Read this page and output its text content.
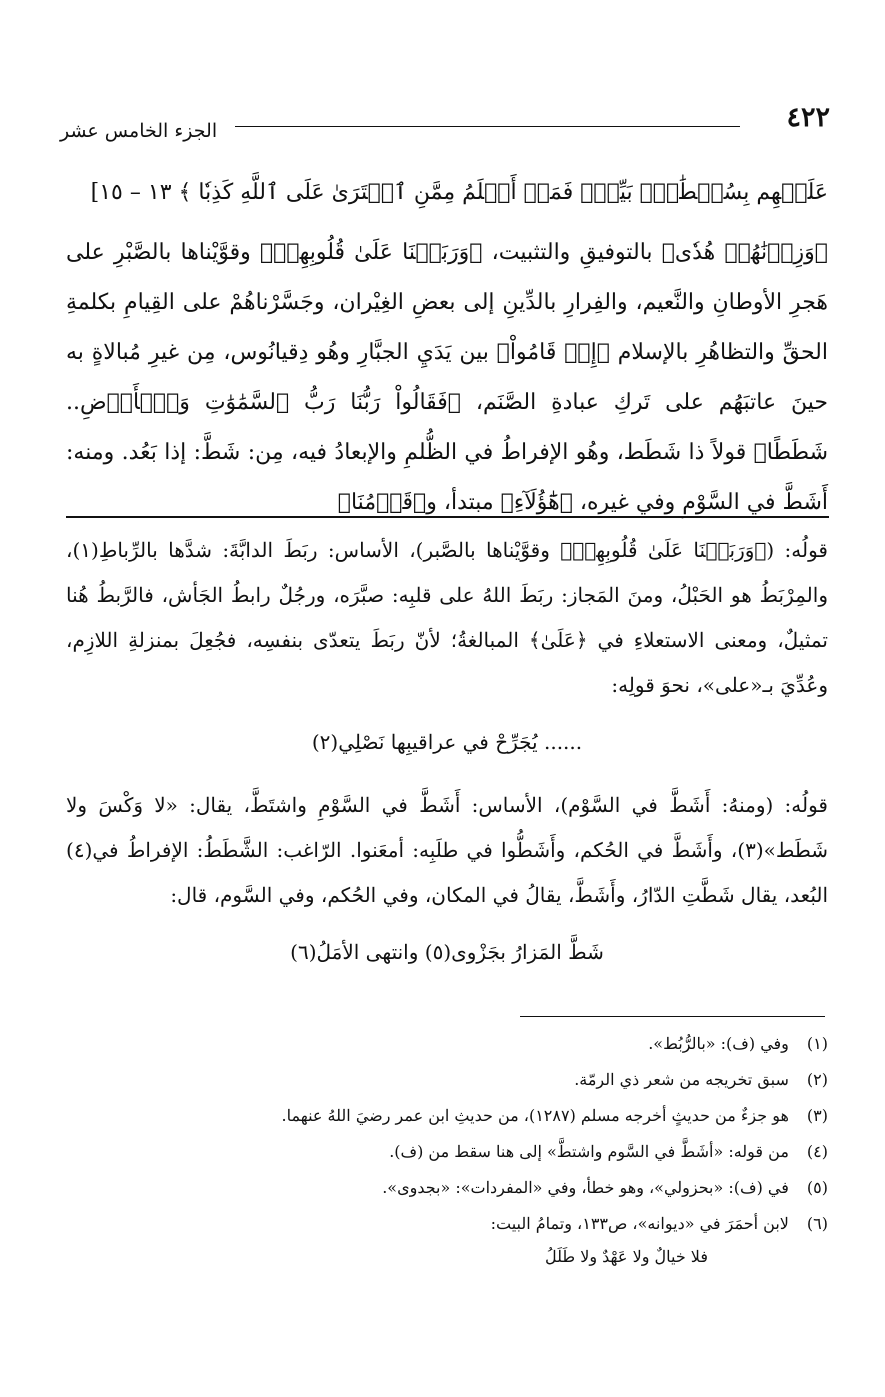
٤٢٢
الجزء الخامس عشر

عَلَيۡهِم بِسُلۡطَٰنِۭ بَيِّنٖۖ فَمَنۡ أَظۡلَمُ مِمَّنِ ٱفۡتَرَىٰ عَلَى ٱللَّهِ كَذِبٗا ﴾ ١٣ – ١٥]

﴿وَزِدۡنَٰهُمۡ هُدٗى﴾ بالتوفيقِ والتثبيت، ﴿وَرَبَطۡنَا عَلَىٰ قُلُوبِهِمۡ﴾ وقوَّيْناها بالصَّبْرِ على هَجرِ الأوطانِ والنَّعيم، والفِرارِ بالدِّينِ إلى بعضِ الغِيْران، وجَسَّرْناهُمْ على القِيامِ بكلمةِ الحقِّ والتظاهُرِ بالإسلام ﴿إِذۡ قَامُواْ﴾ بين يَدَيِ الجبَّارِ وهُو دِقيانُوس، مِن غيرِ مُبالاةٍ به حينَ عاتبَهُم على تَركِ عبادةِ الصَّنَم، ﴿فَقَالُواْ رَبُّنَا رَبُّ ٱلسَّمَٰوَٰتِ وَٱلۡأَرۡضِ.. شَطَطًا﴾ قولاً ذا شَطَط، وهُو الإفراطُ في الظُّلمِ والإبعادُ فيه، مِن: شَطَّ: إذا بَعُد. ومنه: أَشَطَّ في السَّوْمِ وفي غيره، ﴿هَٰٓؤُلَآءِ﴾ مبتدأ، و﴿قَوۡمُنَا﴾

قولُه: (﴿وَرَبَطۡنَا عَلَىٰ قُلُوبِهِمۡ﴾ وقوَّيْناها بالصَّبر)، الأساس: ربَطَ الدابَّةَ: شدَّها بالرِّباطِ(١)، والمِرْبَطُ هو الحَبْلُ، ومنَ المَجاز: ربَطَ اللهُ على قلبِه: صبَّرَه، ورجُلٌ رابطُ الجَأش، فالرَّبطُ هُنا تمثيلٌ، ومعنى الاستعلاءِ في ﴿عَلَىٰ﴾ المبالغةُ؛ لأنّ ربَطَ يتعدّى بنفسِه، فجُعِلَ بمنزلةِ اللازِم، وعُدِّيَ بـ«على»، نحوَ قولِه:

...... يُجَرِّحْ في عراقيبِها نَصْلِي(٢)

قولُه: (ومنهُ: أَشَطَّ في السَّوْم)، الأساس: أَشَطَّ في السَّوْمِ واشتَطَّ، يقال: «لا وَكْسَ ولا شَطَط»(٣)، وأَشَطَّ في الحُكم، وأَشَطُّوا في طلَبِه: أمعَنوا. الرّاغب: الشَّطَطُ: الإفراطُ في(٤) البُعد، يقال شَطَّتِ الدّارُ، وأَشَطَّ، يقالُ في المكان، وفي الحُكم، وفي السَّوم، قال:

شَطَّ المَزارُ بجَزْوى(٥) وانتهى الأمَلُ(٦)

(١) وفي (ف): «بالرُّبُط».
(٢) سبق تخريجه من شعر ذي الرمّة.
(٣) هو جزءٌ من حديثٍ أخرجه مسلم (١٢٨٧)، من حديثِ ابن عمر رضيَ اللهُ عنهما.
(٤) من قوله: «أشَطَّ في السَّوم واشتطَّ» إلى هنا سقط من (ف).
(٥) في (ف): «بحزولي»، وهو خطأ، وفي «المفردات»: «بجدوى».
(٦) لابن أحمَرَ في «ديوانه»، ص١٣٣، وتمامُ البيت:
فلا خيالٌ ولا عَهْدٌ ولا طَلَلُ
